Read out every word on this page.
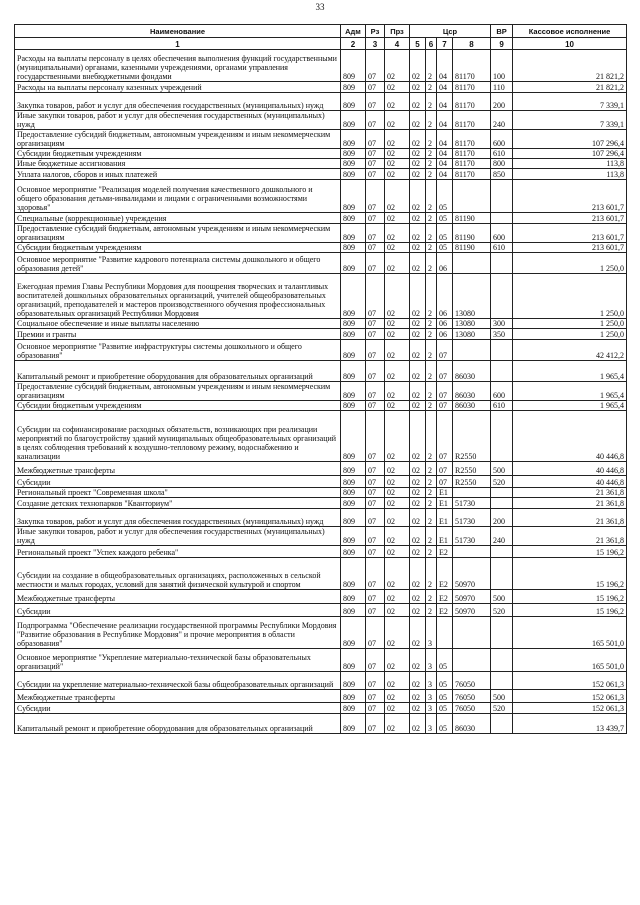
33
Наименование	Адм	Рз	Прз	Цср				ВР	Кассовое исполнение
1	2	3	4	5	6	7	8	9	10
Расходы на выплаты персоналу в целях обеспечения выполнения функций государственными (муниципальными) органами, казенными учреждениями, органами управления государственными внебюджетными фондами	809	07	02	02	2	04	81170	100	21 821,2
Расходы на выплаты персоналу казенных учреждений	809	07	02	02	2	04	81170	110	21 821,2
Закупка товаров, работ и услуг для обеспечения государственных (муниципальных) нужд	809	07	02	02	2	04	81170	200	7 339,1
Иные закупки товаров, работ и услуг для обеспечения государственных (муниципальных) нужд	809	07	02	02	2	04	81170	240	7 339,1
Предоставление субсидий бюджетным, автономным учреждениям и иным некоммерческим организациям	809	07	02	02	2	04	81170	600	107 296,4
Субсидии бюджетным учреждениям	809	07	02	02	2	04	81170	610	107 296,4
Иные бюджетные ассигнования	809	07	02	02	2	04	81170	800	113,8
Уплата налогов, сборов и иных платежей	809	07	02	02	2	04	81170	850	113,8
Основное мероприятие "Реализация моделей получения качественного дошкольного и общего образования детьми-инвалидами и лицами с ограниченными возможностями здоровья"	809	07	02	02	2	05			213 601,7
Специальные (коррекционные) учреждения	809	07	02	02	2	05	81190		213 601,7
Предоставление субсидий бюджетным, автономным учреждениям и иным некоммерческим организациям	809	07	02	02	2	05	81190	600	213 601,7
Субсидии бюджетным учреждениям	809	07	02	02	2	05	81190	610	213 601,7
Основное мероприятие "Развитие кадрового потенциала системы дошкольного и общего образования детей"	809	07	02	02	2	06			1 250,0
Ежегодная премия Главы Республики Мордовия для поощрения творческих и талантливых воспитателей дошкольных образовательных организаций, учителей общеобразовательных организаций, преподавателей и мастеров производственного обучения профессиональных образовательных организаций Республики Мордовия	809	07	02	02	2	06	13080		1 250,0
Социальное обеспечение и иные выплаты населению	809	07	02	02	2	06	13080	300	1 250,0
Премии и гранты	809	07	02	02	2	06	13080	350	1 250,0
Основное мероприятие "Развитие инфраструктуры системы дошкольного и общего образования"	809	07	02	02	2	07			42 412,2
Капитальный ремонт и приобретение оборудования для образовательных организаций	809	07	02	02	2	07	86030		1 965,4
Предоставление субсидий бюджетным, автономным учреждениям и иным некоммерческим организациям	809	07	02	02	2	07	86030	600	1 965,4
Субсидии бюджетным учреждениям	809	07	02	02	2	07	86030	610	1 965,4
Субсидии на софинансирование расходных обязательств, возникающих при реализации мероприятий по благоустройству зданий муниципальных общеобразовательных организаций в целях соблюдения требований к воздушно-тепловому режиму, водоснабжению и канализации	809	07	02	02	2	07	R2550		40 446,8
Межбюджетные трансферты	809	07	02	02	2	07	R2550	500	40 446,8
Субсидии	809	07	02	02	2	07	R2550	520	40 446,8
Региональный проект "Современная школа"	809	07	02	02	2	E1			21 361,8
Создание детских технопарков "Кванториум"	809	07	02	02	2	E1	51730		21 361,8
Закупка товаров, работ и услуг для обеспечения государственных (муниципальных) нужд	809	07	02	02	2	E1	51730	200	21 361,8
Иные закупки товаров, работ и услуг для обеспечения государственных (муниципальных) нужд	809	07	02	02	2	E1	51730	240	21 361,8
Региональный проект "Успех каждого ребенка"	809	07	02	02	2	E2			15 196,2
Субсидии на создание в общеобразовательных организациях, расположенных в сельской местности и малых городах, условий для занятий физической культурой и спортом	809	07	02	02	2	E2	50970		15 196,2
Межбюджетные трансферты	809	07	02	02	2	E2	50970	500	15 196,2
Субсидии	809	07	02	02	2	E2	50970	520	15 196,2
Подпрограмма "Обеспечение реализации государственной программы Республики Мордовия "Развитие образования в Республике Мордовия" и прочие мероприятия в области образования"	809	07	02	02	3				165 501,0
Основное мероприятие "Укрепление материально-технической базы образовательных организаций"	809	07	02	02	3	05			165 501,0
Субсидии на укрепление материально-технической базы общеобразовательных организаций	809	07	02	02	3	05	76050		152 061,3
Межбюджетные трансферты	809	07	02	02	3	05	76050	500	152 061,3
Субсидии	809	07	02	02	3	05	76050	520	152 061,3
Капитальный ремонт и приобретение оборудования для образовательных организаций	809	07	02	02	3	05	86030		13 439,7
